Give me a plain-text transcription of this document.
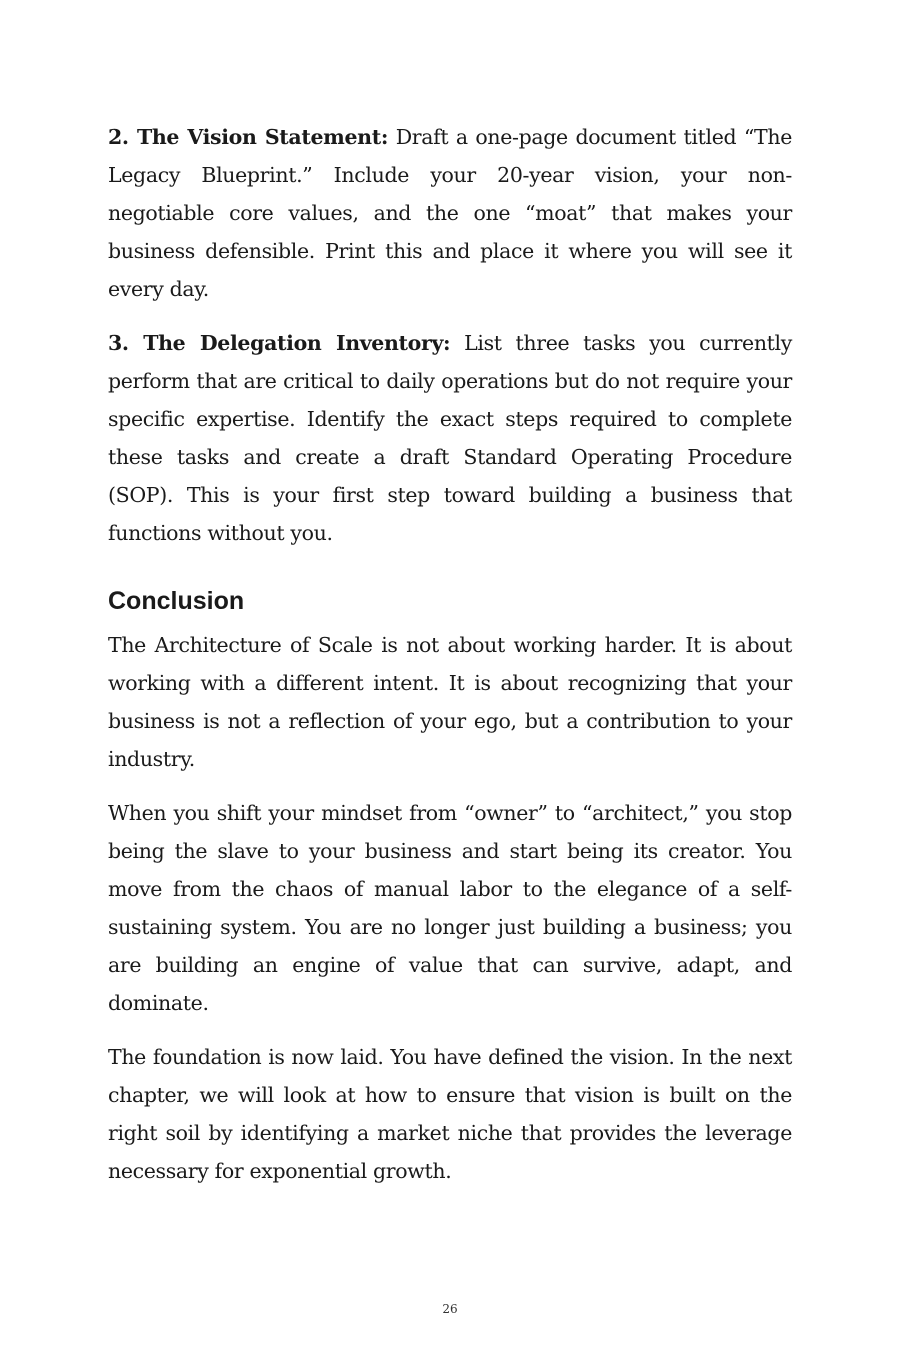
2. The Vision Statement: Draft a one-page document titled “The Legacy Blueprint.” Include your 20-year vision, your non-negotiable core values, and the one “moat” that makes your business defensible. Print this and place it where you will see it every day.

3. The Delegation Inventory: List three tasks you currently perform that are critical to daily operations but do not require your specific expertise. Identify the exact steps required to complete these tasks and create a draft Standard Operating Procedure (SOP). This is your first step toward building a business that functions without you.

Conclusion

The Architecture of Scale is not about working harder. It is about working with a different intent. It is about recognizing that your business is not a reflection of your ego, but a contribution to your industry.

When you shift your mindset from “owner” to “architect,” you stop being the slave to your business and start being its creator. You move from the chaos of manual labor to the elegance of a self-sustaining system. You are no longer just building a business; you are building an engine of value that can survive, adapt, and dominate.

The foundation is now laid. You have defined the vision. In the next chapter, we will look at how to ensure that vision is built on the right soil by identifying a market niche that provides the leverage necessary for exponential growth.

26
